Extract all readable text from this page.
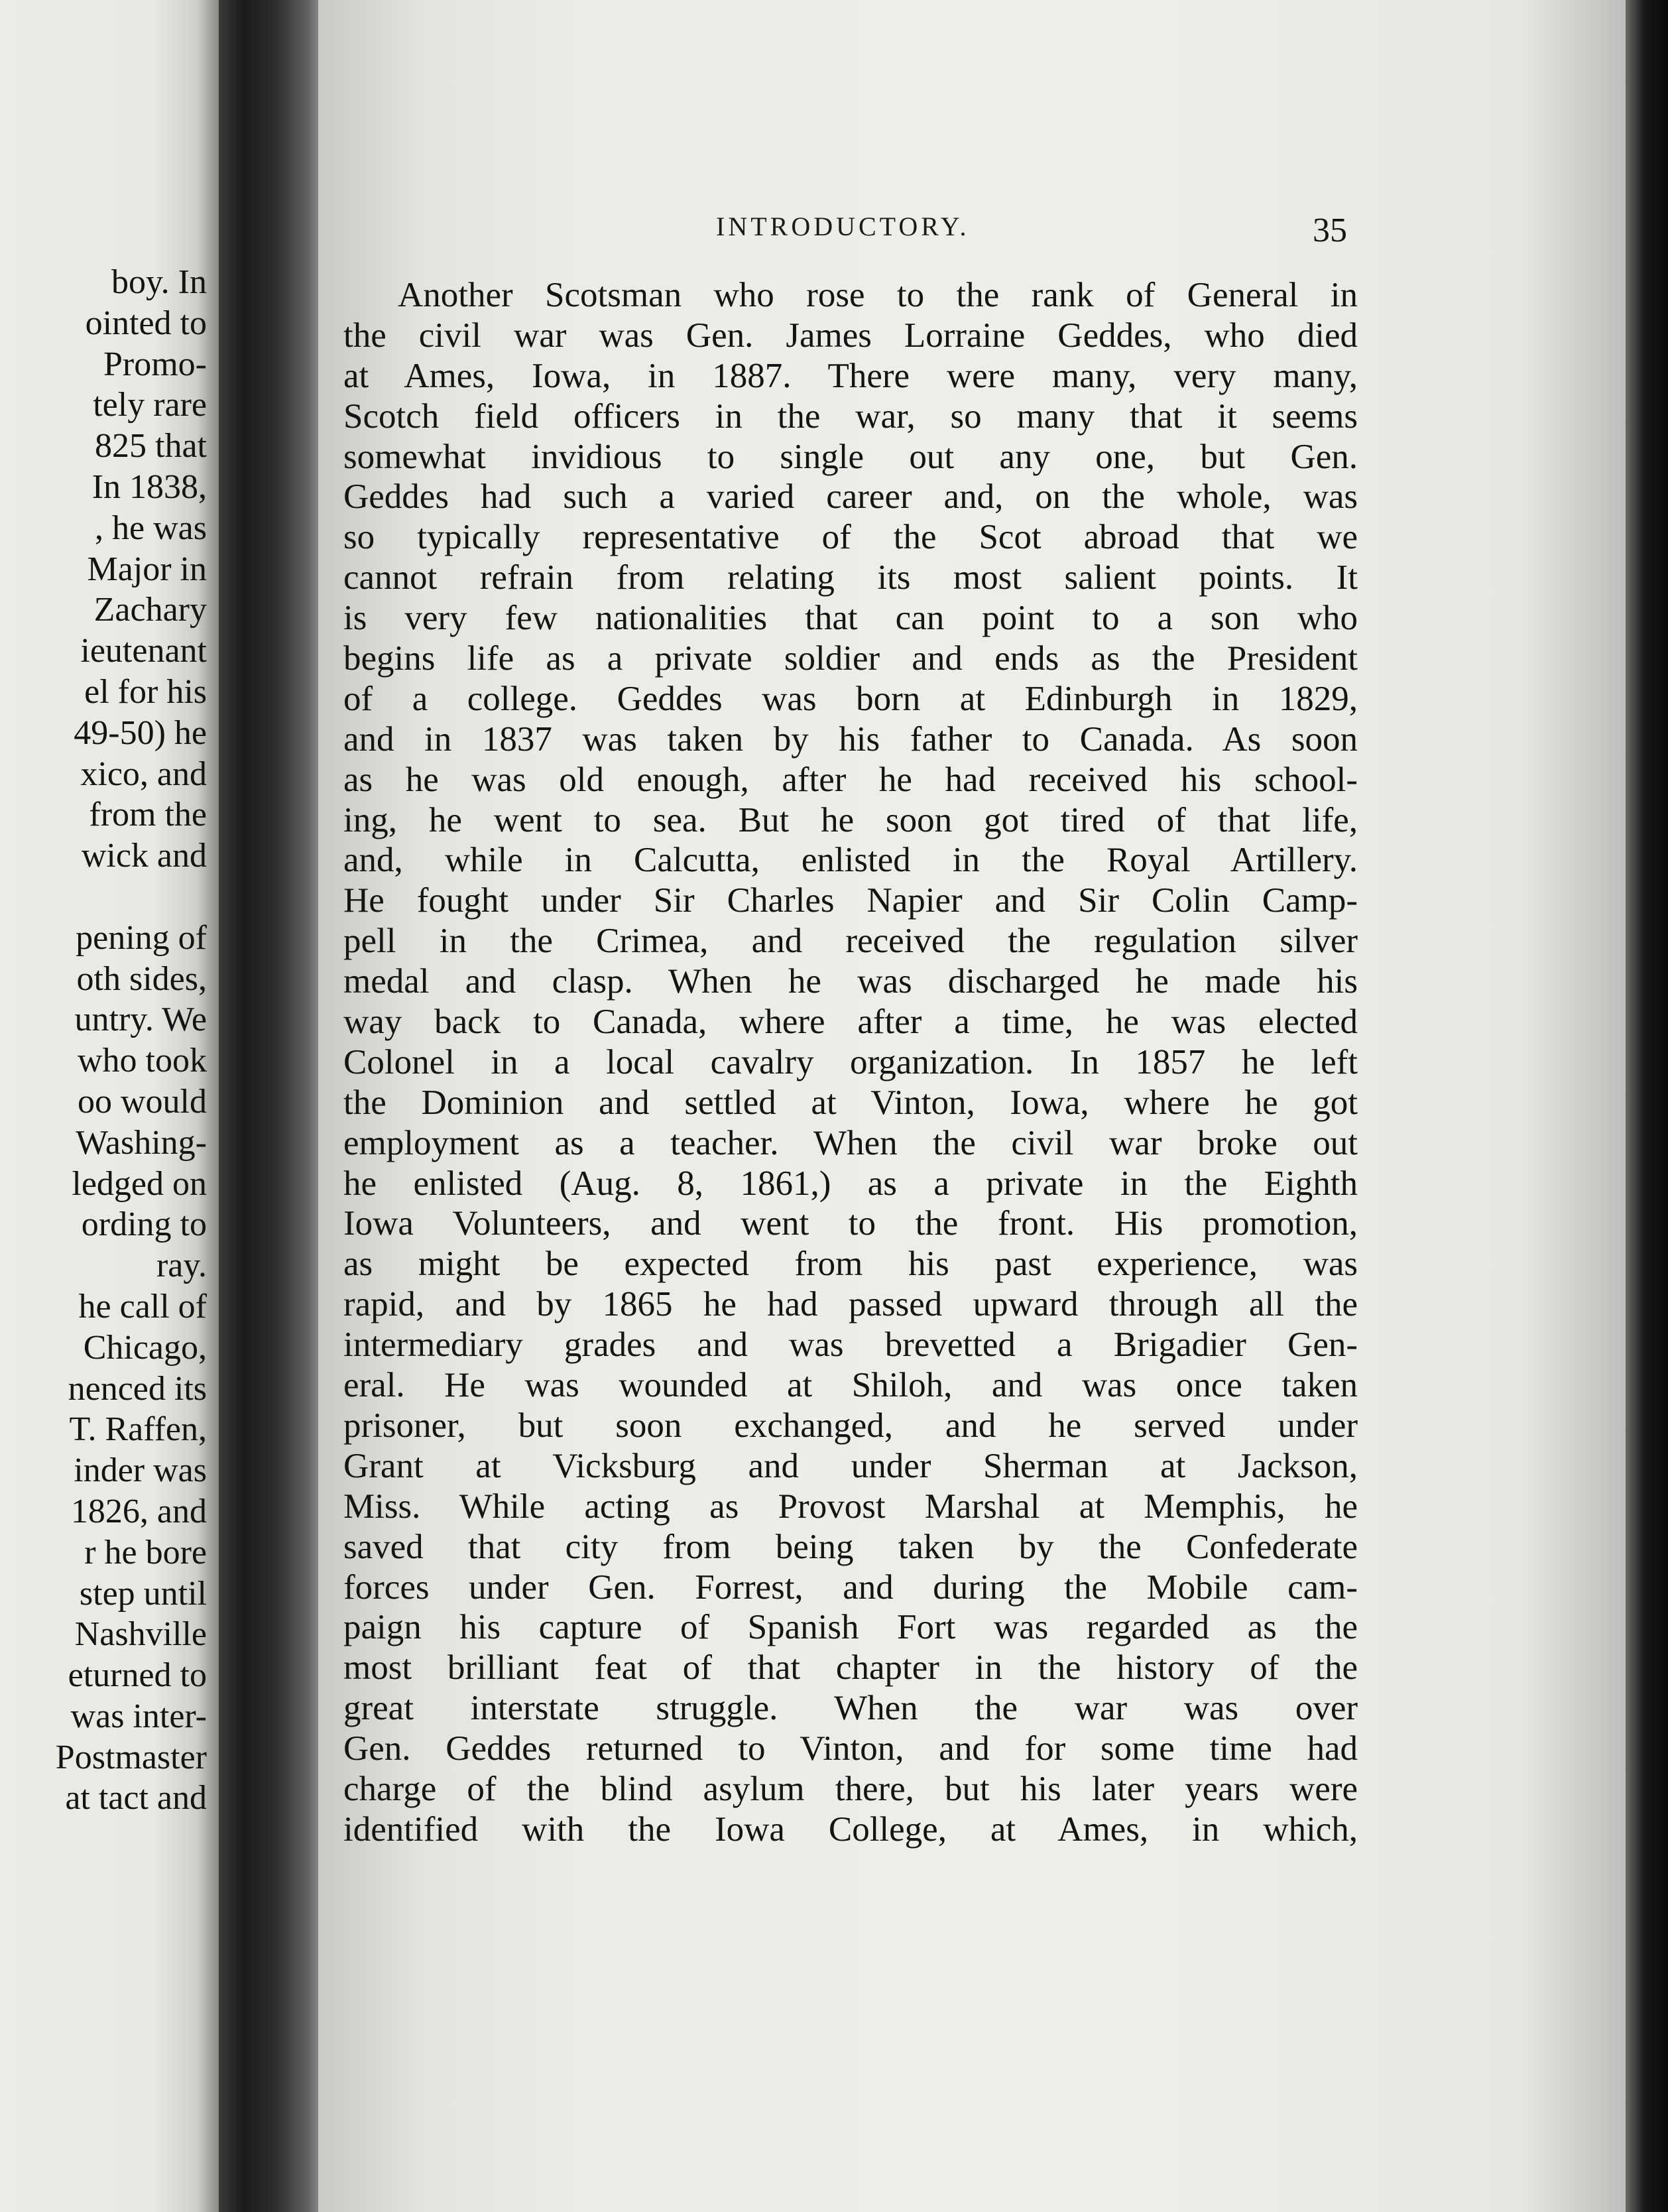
boy. In
ointed to
Promo-
tely rare
825 that
In 1838,
, he was
Major in
Zachary
ieutenant
el for his
49-50) he
xico, and
from the
wick and
pening of
oth sides,
untry. We
who took
oo would
Washing-
ledged on
ording to
ray.
he call of
Chicago,
nenced its
T. Raffen,
inder was
1826, and
r he bore
step until
Nashville
eturned to
was inter-
Postmaster
at tact and
INTRODUCTORY.	35
Another Scotsman who rose to the rank of General in
the civil war was Gen. James Lorraine Geddes, who died
at Ames, Iowa, in 1887. There were many, very many,
Scotch field officers in the war, so many that it seems
somewhat invidious to single out any one, but Gen.
Geddes had such a varied career and, on the whole, was
so typically representative of the Scot abroad that we
cannot refrain from relating its most salient points. It
is very few nationalities that can point to a son who
begins life as a private soldier and ends as the President
of a college. Geddes was born at Edinburgh in 1829,
and in 1837 was taken by his father to Canada. As soon
as he was old enough, after he had received his school-
ing, he went to sea. But he soon got tired of that life,
and, while in Calcutta, enlisted in the Royal Artillery.
He fought under Sir Charles Napier and Sir Colin Camp-
pell in the Crimea, and received the regulation silver
medal and clasp. When he was discharged he made his
way back to Canada, where after a time, he was elected
Colonel in a local cavalry organization. In 1857 he left
the Dominion and settled at Vinton, Iowa, where he got
employment as a teacher. When the civil war broke out
he enlisted (Aug. 8, 1861,) as a private in the Eighth
Iowa Volunteers, and went to the front. His promotion,
as might be expected from his past experience, was
rapid, and by 1865 he had passed upward through all the
intermediary grades and was brevetted a Brigadier Gen-
eral. He was wounded at Shiloh, and was once taken
prisoner, but soon exchanged, and he served under
Grant at Vicksburg and under Sherman at Jackson,
Miss. While acting as Provost Marshal at Memphis, he
saved that city from being taken by the Confederate
forces under Gen. Forrest, and during the Mobile cam-
paign his capture of Spanish Fort was regarded as the
most brilliant feat of that chapter in the history of the
great interstate struggle. When the war was over
Gen. Geddes returned to Vinton, and for some time had
charge of the blind asylum there, but his later years were
identified with the Iowa College, at Ames, in which,
